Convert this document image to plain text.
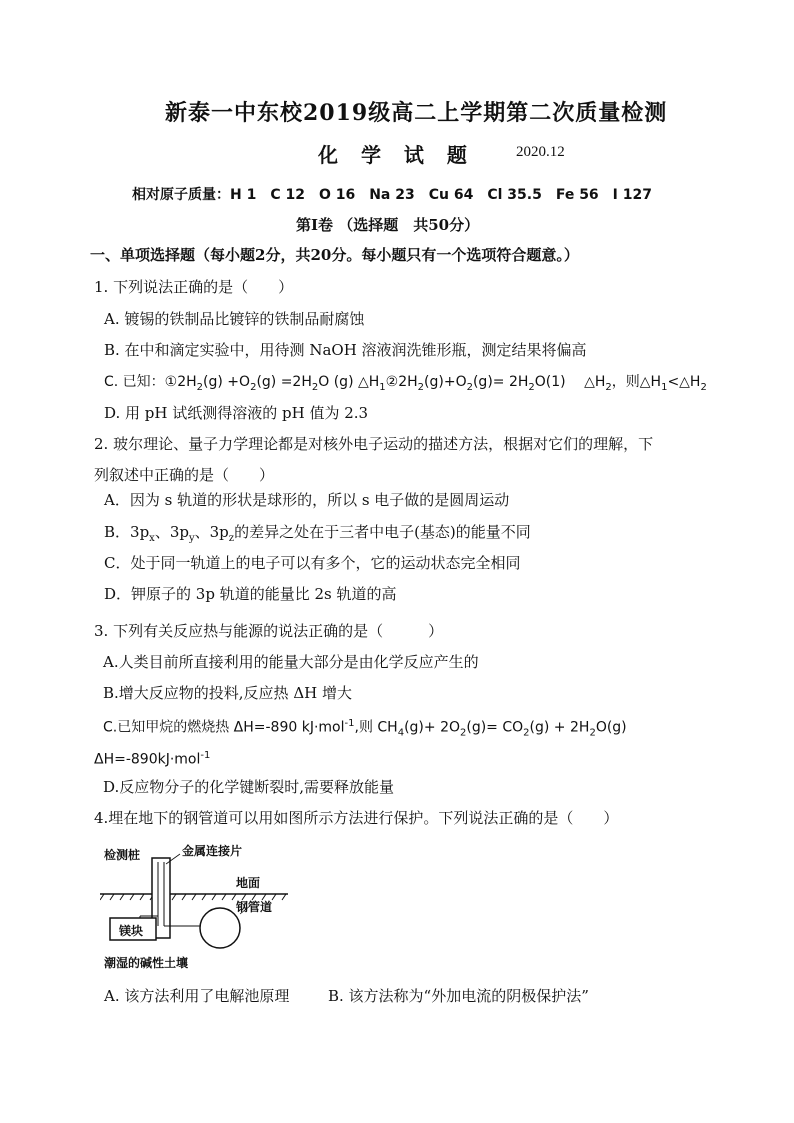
新泰一中东校2019级高二上学期第二次质量检测
化 学 试 题	2020.12
相对原子质量：H 1　C 12　O 16　Na 23　Cu 64　Cl 35.5　Fe 56　I 127
第Ⅰ卷 （选择题　共50分）
一、单项选择题（每小题2分，共20分。每小题只有一个选项符合题意。）
1. 下列说法正确的是（　　）
A. 镀锡的铁制品比镀锌的铁制品耐腐蚀
B. 在中和滴定实验中，用待测 NaOH 溶液润洗锥形瓶，测定结果将偏高
C. 已知：$①2H_2(g) +O_2(g) =2H_2O$ (g) $\triangle H_1②2H_2(g)+O_2(g)= 2H_2O(1)$　 $\triangle H_2$，则$\triangle H_1<\triangle H_2$
D. 用 pH 试纸测得溶液的 pH 值为 2.3
2. 玻尔理论、量子力学理论都是对核外电子运动的描述方法，根据对它们的理解，下
列叙述中正确的是（　　）
A．因为 s 轨道的形状是球形的，所以 s 电子做的是圆周运动
B．$3p_x$、$3p_y$、$3p_z$的差异之处在于三者中电子(基态)的能量不同
C．处于同一轨道上的电子可以有多个，它的运动状态完全相同
D．钾原子的 3p 轨道的能量比 2s 轨道的高
3. 下列有关反应热与能源的说法正确的是（　　　）
A.人类目前所直接利用的能量大部分是由化学反应产生的
B.增大反应物的投料,反应热 ΔH 增大
C.已知甲烷的燃烧热 ΔH=-890 kJ·mol$^{-1}$,则 $CH_4(g)+ 2O_2(g)= CO_2(g) + 2H_2O(g)$
ΔH=-890kJ·mol$^{-1}$
D.反应物分子的化学键断裂时,需要释放能量
4.埋在地下的钢管道可以用如图所示方法进行保护。下列说法正确的是（　　）
检测桩	金属连接片
地面
钢管道
镁块
潮湿的碱性土壤
A. 该方法利用了电解池原理	B. 该方法称为“外加电流的阴极保护法”
